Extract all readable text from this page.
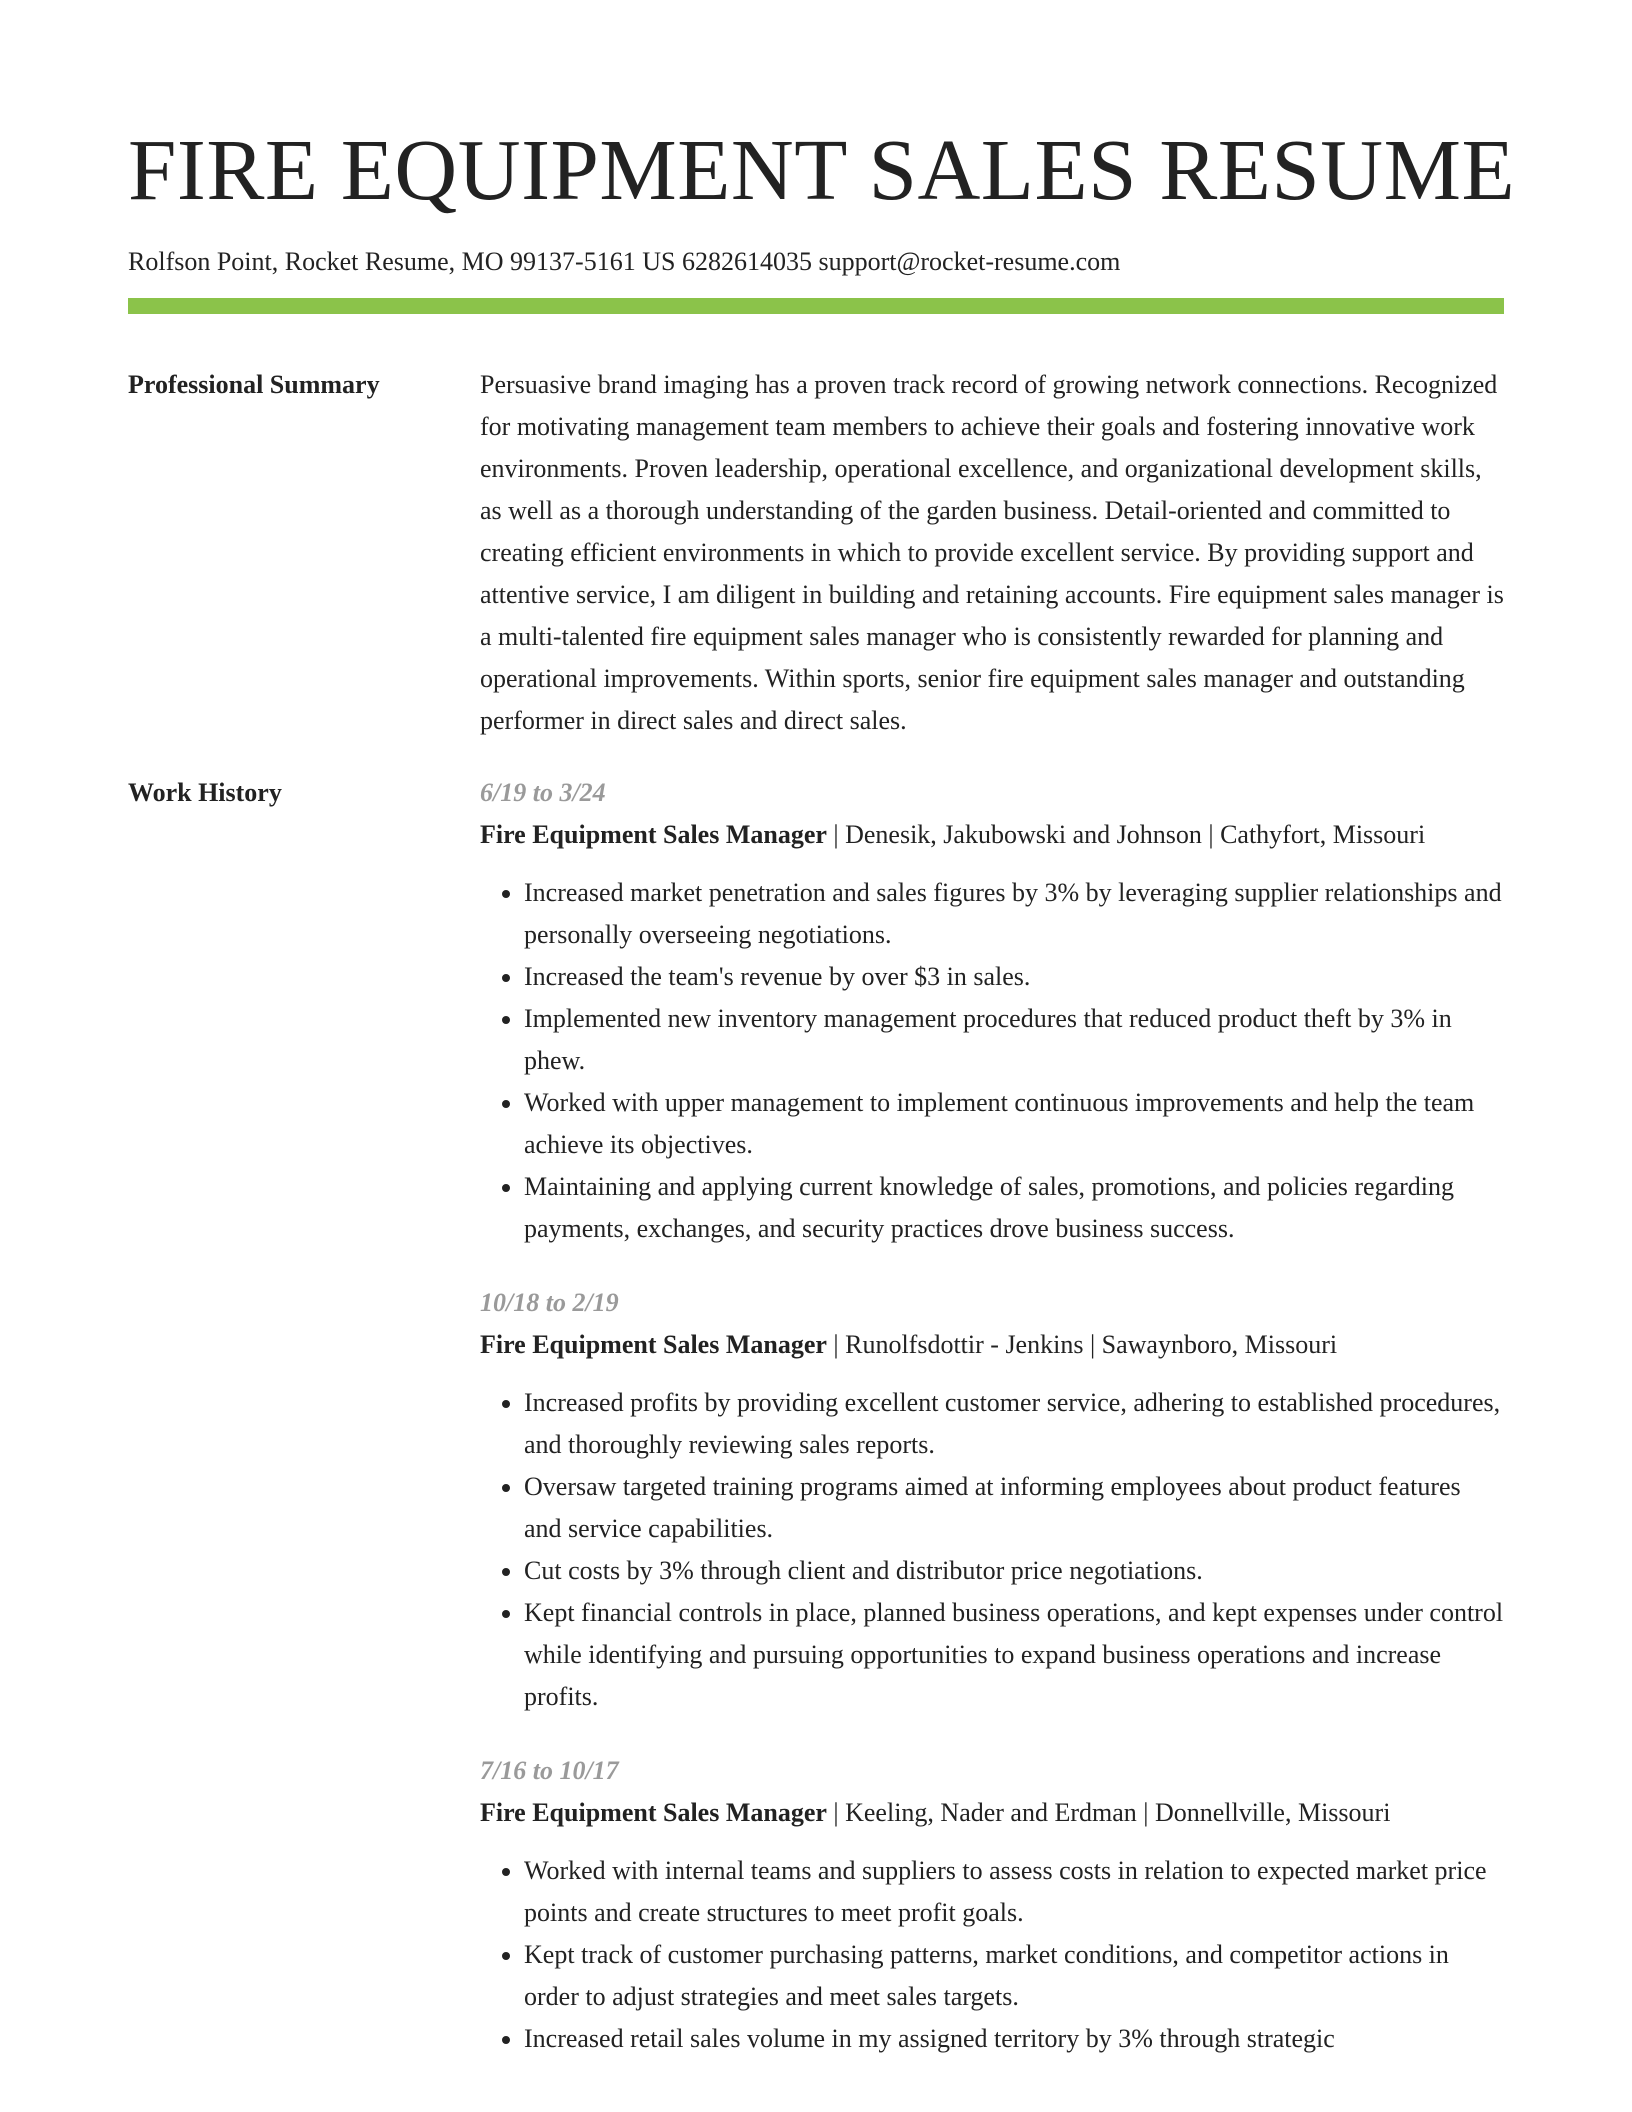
FIRE EQUIPMENT SALES RESUME
Rolfson Point, Rocket Resume, MO 99137-5161 US 6282614035 support@rocket-resume.com
Professional Summary	Persuasive brand imaging has a proven track record of growing network connections. Recognized for motivating management team members to achieve their goals and fostering innovative work environments. Proven leadership, operational excellence, and organizational development skills, as well as a thorough understanding of the garden business. Detail-oriented and committed to creating efficient environments in which to provide excellent service. By providing support and attentive service, I am diligent in building and retaining accounts. Fire equipment sales manager is a multi-talented fire equipment sales manager who is consistently rewarded for planning and operational improvements. Within sports, senior fire equipment sales manager and outstanding performer in direct sales and direct sales.
Work History	6/19 to 3/24
Fire Equipment Sales Manager | Denesik, Jakubowski and Johnson | Cathyfort, Missouri
• Increased market penetration and sales figures by 3% by leveraging supplier relationships and personally overseeing negotiations.
• Increased the team's revenue by over $3 in sales.
• Implemented new inventory management procedures that reduced product theft by 3% in phew.
• Worked with upper management to implement continuous improvements and help the team achieve its objectives.
• Maintaining and applying current knowledge of sales, promotions, and policies regarding payments, exchanges, and security practices drove business success.
10/18 to 2/19
Fire Equipment Sales Manager | Runolfsdottir - Jenkins | Sawaynboro, Missouri
• Increased profits by providing excellent customer service, adhering to established procedures, and thoroughly reviewing sales reports.
• Oversaw targeted training programs aimed at informing employees about product features and service capabilities.
• Cut costs by 3% through client and distributor price negotiations.
• Kept financial controls in place, planned business operations, and kept expenses under control while identifying and pursuing opportunities to expand business operations and increase profits.
7/16 to 10/17
Fire Equipment Sales Manager | Keeling, Nader and Erdman | Donnellville, Missouri
• Worked with internal teams and suppliers to assess costs in relation to expected market price points and create structures to meet profit goals.
• Kept track of customer purchasing patterns, market conditions, and competitor actions in order to adjust strategies and meet sales targets.
• Increased retail sales volume in my assigned territory by 3% through strategic
